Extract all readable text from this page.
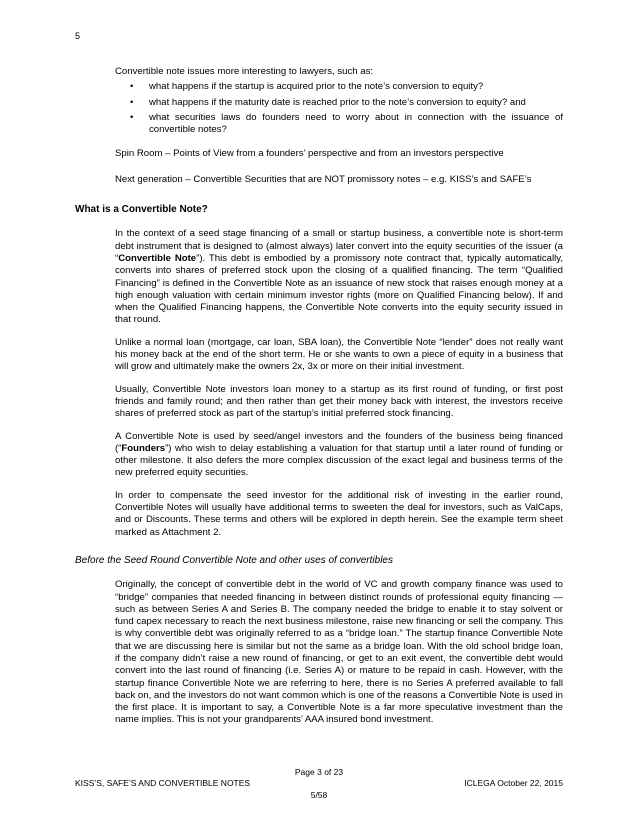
5

Convertible note issues more interesting to lawyers, such as:

• what happens if the startup is acquired prior to the note’s conversion to equity?
• what happens if the maturity date is reached prior to the note’s conversion to equity? and
• what securities laws do founders need to worry about in connection with the issuance of convertible notes?

Spin Room – Points of View from a founders’ perspective and from an investors perspective

Next generation – Convertible Securities that are NOT promissory notes – e.g. KISS’s and SAFE’s

What is a Convertible Note?

In the context of a seed stage financing of a small or startup business, a convertible note is short-term debt instrument that is designed to (almost always) later convert into the equity securities of the issuer (a “Convertible Note”). This debt is embodied by a promissory note contract that, typically automatically, converts into shares of preferred stock upon the closing of a qualified financing. The term “Qualified Financing” is defined in the Convertible Note as an issuance of new stock that raises enough money at a high enough valuation with certain minimum investor rights (more on Qualified Financing below). If and when the Qualified Financing happens, the Convertible Note converts into the equity security issued in that round.

Unlike a normal loan (mortgage, car loan, SBA loan), the Convertible Note “lender” does not really want his money back at the end of the short term. He or she wants to own a piece of equity in a business that will grow and ultimately make the owners 2x, 3x or more on their initial investment.

Usually, Convertible Note investors loan money to a startup as its first round of funding, or first post friends and family round; and then rather than get their money back with interest, the investors receive shares of preferred stock as part of the startup’s initial preferred stock financing.

A Convertible Note is used by seed/angel investors and the founders of the business being financed (“Founders”) who wish to delay establishing a valuation for that startup until a later round of funding or other milestone. It also defers the more complex discussion of the exact legal and business terms of the new preferred equity securities.

In order to compensate the seed investor for the additional risk of investing in the earlier round, Convertible Notes will usually have additional terms to sweeten the deal for investors, such as ValCaps, and or Discounts. These terms and others will be explored in depth herein. See the example term sheet marked as Attachment 2.

Before the Seed Round Convertible Note and other uses of convertibles

Originally, the concept of convertible debt in the world of VC and growth company finance was used to “bridge” companies that needed financing in between distinct rounds of professional equity financing — such as between Series A and Series B. The company needed the bridge to enable it to stay solvent or fund capex necessary to reach the next business milestone, raise new financing or sell the company. This is why convertible debt was originally referred to as a “bridge loan.” The startup finance Convertible Note that we are discussing here is similar but not the same as a bridge loan. With the old school bridge loan, if the company didn’t raise a new round of financing, or get to an exit event, the convertible debt would convert into the last round of financing (i.e. Series A) or mature to be repaid in cash. However, with the startup finance Convertible Note we are referring to here, there is no Series A preferred available to fall back on, and the investors do not want common which is one of the reasons a Convertible Note is used in the first place. It is important to say, a Convertible Note is a far more speculative investment than the name implies. This is not your grandparents’ AAA insured bond investment.

Page 3 of 23
KISS’S, SAFE’S AND CONVERTIBLE NOTES	ICLEGA October 22, 2015
5/58
